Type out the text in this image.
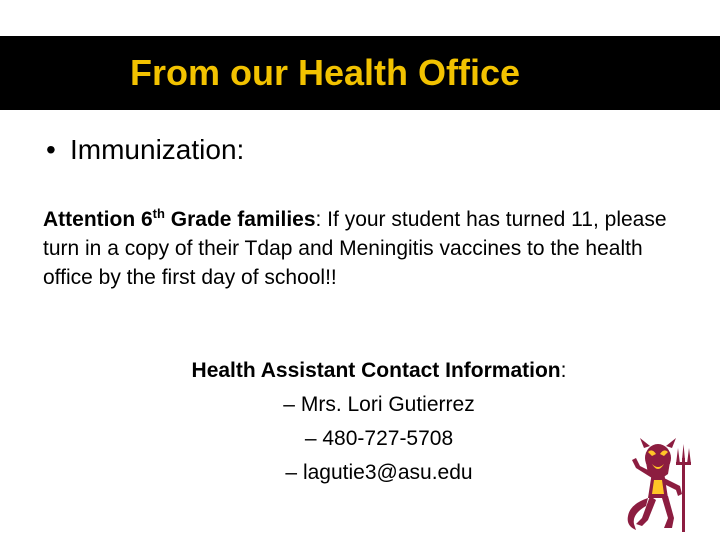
From our Health Office
• Immunization:

Attention 6th Grade families: If your student has turned 11, please turn in a copy of their Tdap and Meningitis vaccines to the health office by the first day of school!!

Health Assistant Contact Information:
– Mrs. Lori Gutierrez
– 480-727-5708
– lagutie3@asu.edu
